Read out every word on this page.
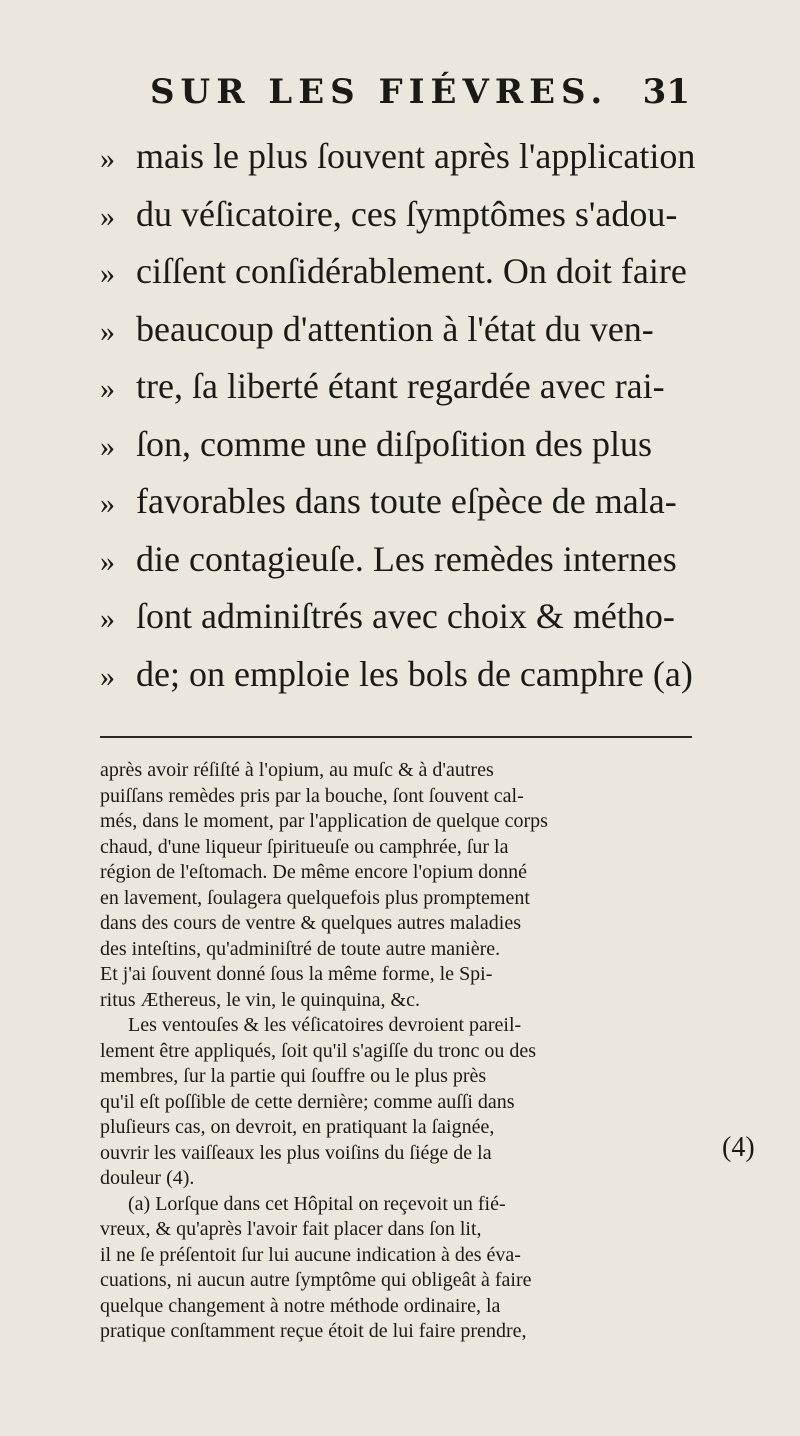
SUR LES FIÉVRES. 31
» mais le plus ſouvent après l'application
» du véſicatoire, ces ſymptômes s'adou-
» ciſſent conſidérablement. On doit faire
» beaucoup d'attention à l'état du ven-
» tre, ſa liberté étant regardée avec rai-
» ſon, comme une diſpoſition des plus
» favorables dans toute eſpèce de mala-
» die contagieuſe. Les remèdes internes
» ſont adminiſtrés avec choix & métho-
» de; on emploie les bols de camphre (a)
après avoir réſiſté à l'opium, au muſc & à d'autres
puiſſans remèdes pris par la bouche, ſont ſouvent cal-
més, dans le moment, par l'application de quelque corps
chaud, d'une liqueur ſpiritueuſe ou camphrée, ſur la
région de l'eſtomach. De même encore l'opium donné
en lavement, ſoulagera quelquefois plus promptement
dans des cours de ventre & quelques autres maladies
des inteſtins, qu'adminiſtré de toute autre manière.
Et j'ai ſouvent donné ſous la même forme, le Spi-
ritus Æthereus, le vin, le quinquina, &c.
Les ventouſes & les véſicatoires devroient pareil-
lement être appliqués, ſoit qu'il s'agiſſe du tronc ou des
membres, ſur la partie qui ſouffre ou le plus près
qu'il eſt poſſible de cette dernière; comme auſſi dans
pluſieurs cas, on devroit, en pratiquant la ſaignée,
ouvrir les vaiſſeaux les plus voiſins du ſiége de la
douleur (4).
(a) Lorſque dans cet Hôpital on reçevoit un fié-
vreux, & qu'après l'avoir fait placer dans ſon lit,
il ne ſe préſentoit ſur lui aucune indication à des éva-
cuations, ni aucun autre ſymptôme qui obligeât à faire
quelque changement à notre méthode ordinaire, la
pratique conſtamment reçue étoit de lui faire prendre,
(4)
